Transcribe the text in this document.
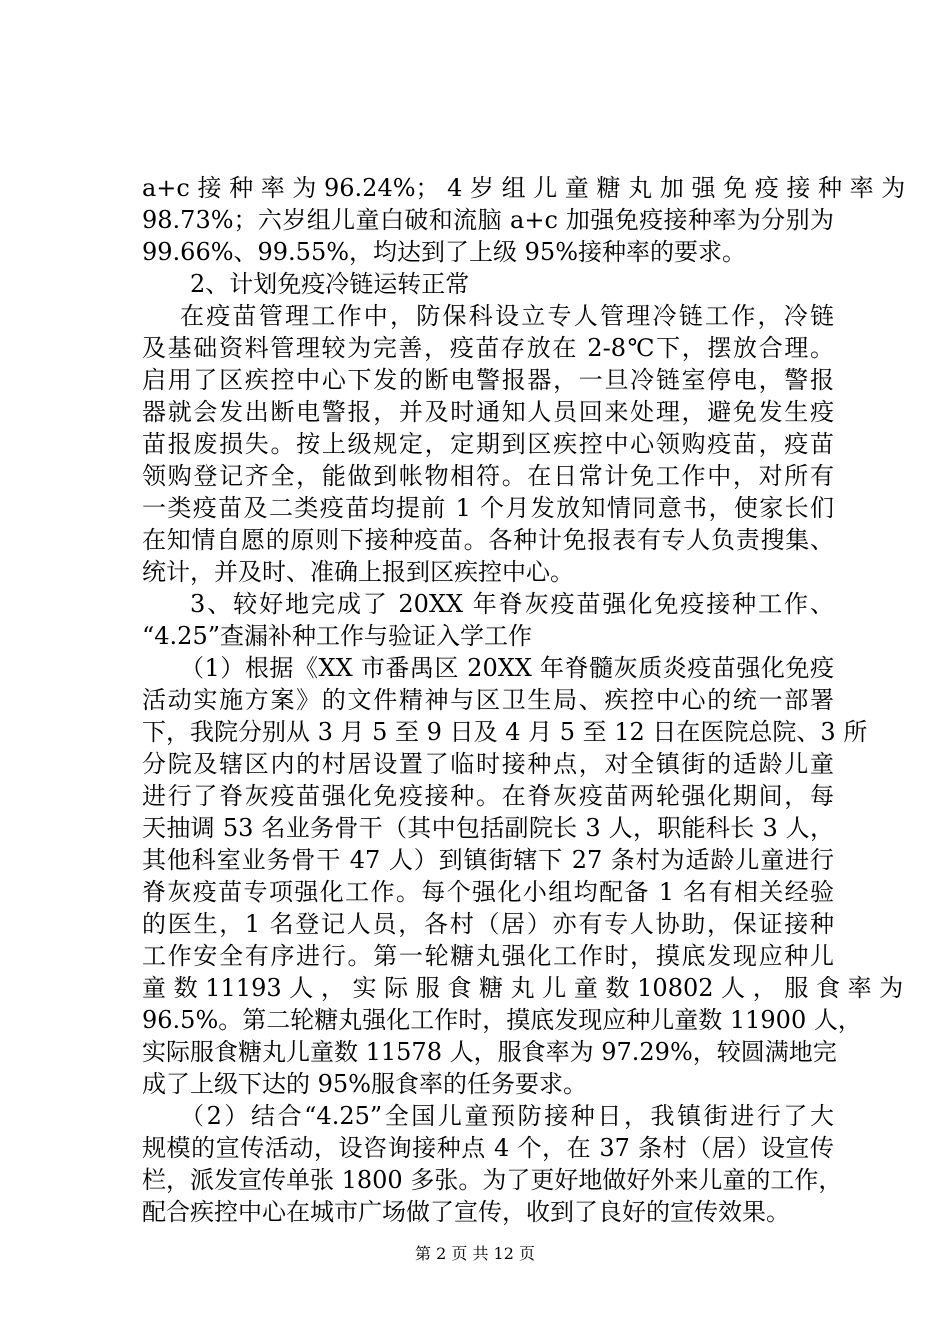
a+c 接 种 率 为 96.24%； 4 岁 组 儿 童 糖 丸 加 强 免 疫 接 种 率 为
98.73%；六岁组儿童白破和流脑 a+c 加强免疫接种率为分别为
99.66%、99.55%，均达到了上级 95%接种率的要求。
2、计划免疫冷链运转正常
在疫苗管理工作中，防保科设立专人管理冷链工作，冷链
及基础资料管理较为完善，疫苗存放在 2-8℃下，摆放合理。
启用了区疾控中心下发的断电警报器，一旦冷链室停电，警报
器就会发出断电警报，并及时通知人员回来处理，避免发生疫
苗报废损失。按上级规定，定期到区疾控中心领购疫苗，疫苗
领购登记齐全，能做到帐物相符。在日常计免工作中，对所有
一类疫苗及二类疫苗均提前 1 个月发放知情同意书，使家长们
在知情自愿的原则下接种疫苗。各种计免报表有专人负责搜集、
统计，并及时、准确上报到区疾控中心。
3、较好地完成了 20XX 年脊灰疫苗强化免疫接种工作、
“4.25”查漏补种工作与验证入学工作
（1）根据《XX 市番禺区 20XX 年脊髓灰质炎疫苗强化免疫
活动实施方案》的文件精神与区卫生局、疾控中心的统一部署
下，我院分别从 3 月 5 至 9 日及 4 月 5 至 12 日在医院总院、3 所
分院及辖区内的村居设置了临时接种点，对全镇街的适龄儿童
进行了脊灰疫苗强化免疫接种。在脊灰疫苗两轮强化期间，每
天抽调 53 名业务骨干（其中包括副院长 3 人，职能科长 3 人，
其他科室业务骨干 47 人）到镇街辖下 27 条村为适龄儿童进行
脊灰疫苗专项强化工作。每个强化小组均配备 1 名有相关经验
的医生，1 名登记人员，各村（居）亦有专人协助，保证接种
工作安全有序进行。第一轮糖丸强化工作时，摸底发现应种儿
童 数 11193 人 ， 实 际 服 食 糖 丸 儿 童 数 10802 人 ， 服 食 率 为
96.5%。第二轮糖丸强化工作时，摸底发现应种儿童数 11900 人，
实际服食糖丸儿童数 11578 人，服食率为 97.29%，较圆满地完
成了上级下达的 95%服食率的任务要求。
（2）结合“4.25”全国儿童预防接种日，我镇街进行了大
规模的宣传活动，设咨询接种点 4 个，在 37 条村（居）设宣传
栏，派发宣传单张 1800 多张。为了更好地做好外来儿童的工作，
配合疾控中心在城市广场做了宣传，收到了良好的宣传效果。
第 2 页 共 12 页
